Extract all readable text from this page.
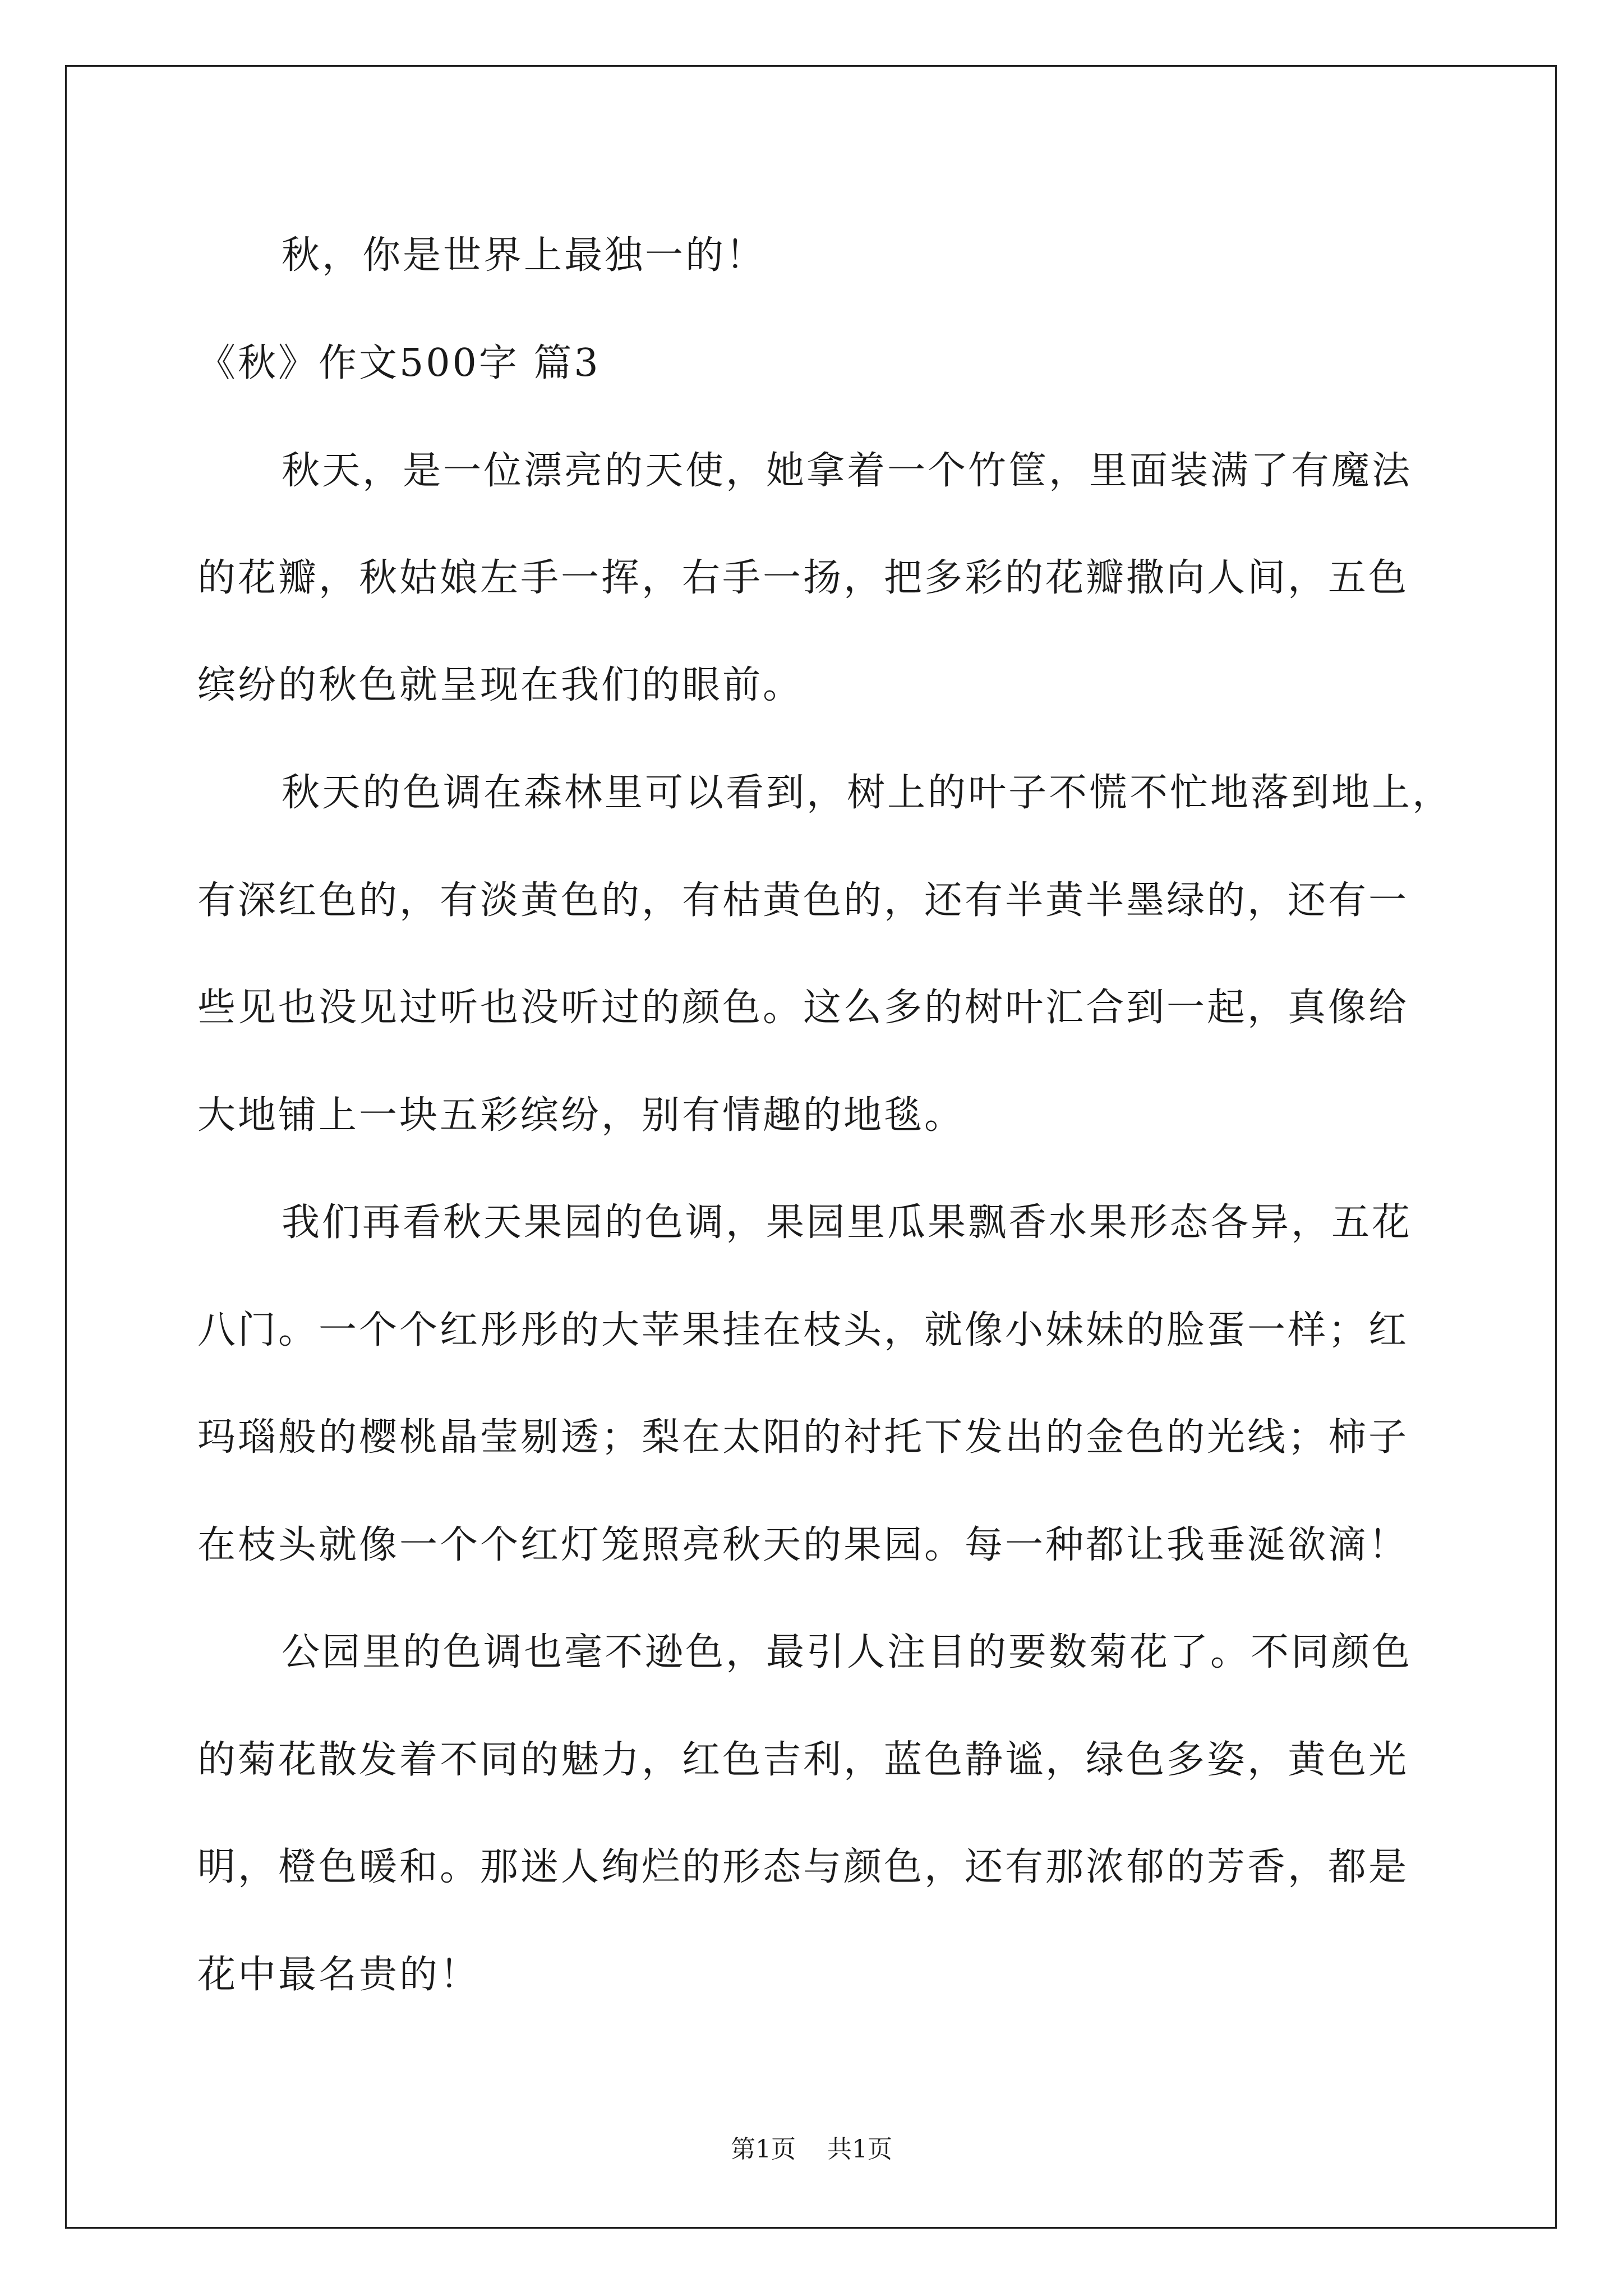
秋，你是世界上最独一的！
《秋》作文500字 篇3
秋天，是一位漂亮的天使，她拿着一个竹筐，里面装满了有魔法
的花瓣，秋姑娘左手一挥，右手一扬，把多彩的花瓣撒向人间，五色
缤纷的秋色就呈现在我们的眼前。
秋天的色调在森林里可以看到，树上的叶子不慌不忙地落到地上，
有深红色的，有淡黄色的，有枯黄色的，还有半黄半墨绿的，还有一
些见也没见过听也没听过的颜色。这么多的树叶汇合到一起，真像给
大地铺上一块五彩缤纷，别有情趣的地毯。
我们再看秋天果园的色调，果园里瓜果飘香水果形态各异，五花
八门。一个个红彤彤的大苹果挂在枝头，就像小妹妹的脸蛋一样；红
玛瑙般的樱桃晶莹剔透；梨在太阳的衬托下发出的金色的光线；柿子
在枝头就像一个个红灯笼照亮秋天的果园。每一种都让我垂涎欲滴！
公园里的色调也毫不逊色，最引人注目的要数菊花了。不同颜色
的菊花散发着不同的魅力，红色吉利，蓝色静谧，绿色多姿，黄色光
明，橙色暖和。那迷人绚烂的形态与颜色，还有那浓郁的芳香，都是
花中最名贵的！
第1页 共1页
